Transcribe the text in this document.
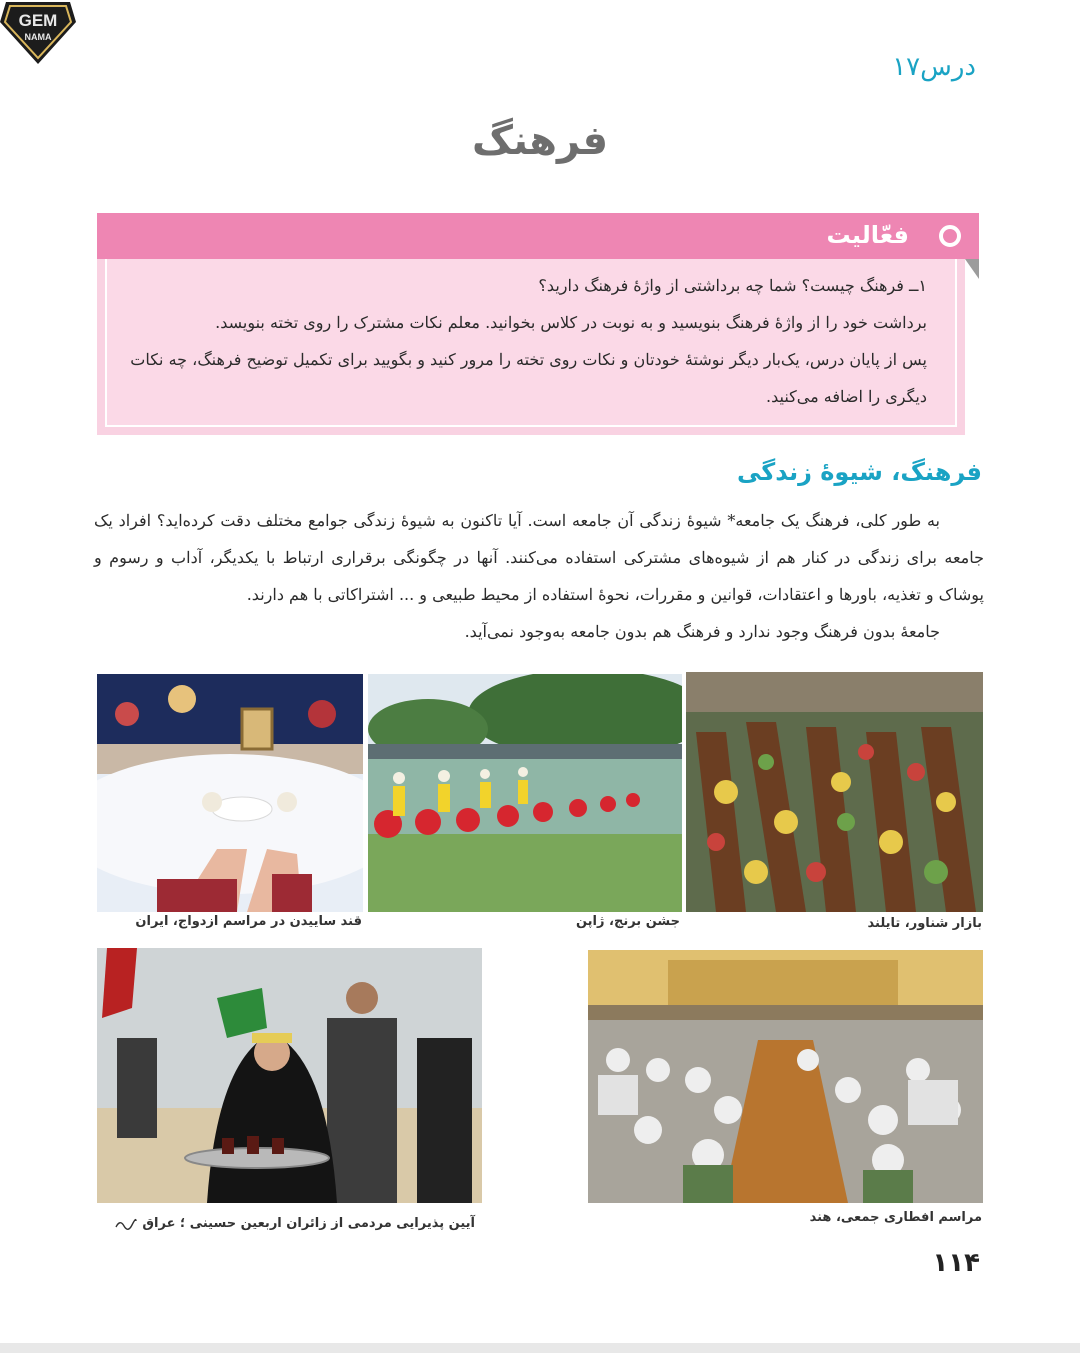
GEM
NAMA
درس۱۷
فرهنگ
فعّالیت
۱ــ فرهنگ چیست؟ شما چه برداشتی از واژهٔ فرهنگ دارید؟
برداشت خود را از واژهٔ فرهنگ بنویسید و به نوبت در کلاس بخوانید. معلم نکات مشترک را روی تخته بنویسد.
پس از پایان درس، یک‌بار دیگر نوشتهٔ خودتان و نکات روی تخته را مرور کنید و بگویید برای تکمیل توضیح فرهنگ، چه نکات دیگری را اضافه می‌کنید.
فرهنگ، شیوهٔ زندگی

به طور کلی، فرهنگ یک جامعه* شیوهٔ زندگی آن جامعه است. آیا تاکنون به شیوهٔ زندگی جوامع مختلف دقت کرده‌اید؟ افراد یک جامعه برای زندگی در کنار هم از شیوه‌های مشترکی استفاده می‌کنند. آنها در چگونگی برقراری ارتباط با یکدیگر، آداب و رسوم و پوشاک و تغذیه، باورها و اعتقادات، قوانین و مقررات، نحوهٔ استفاده از محیط طبیعی و ... اشتراکاتی با هم دارند.

جامعهٔ بدون فرهنگ وجود ندارد و فرهنگ هم بدون جامعه به‌وجود نمی‌آید.

قند ساییدن در مراسم ازدواج، ایران	جشن برنج، ژاپن	بازار شناور، تایلند
آیین پذیرایی مردمی از زائران اربعین حسینی ؛ عراق	مراسم افطاری جمعی، هند
۱۱۴
